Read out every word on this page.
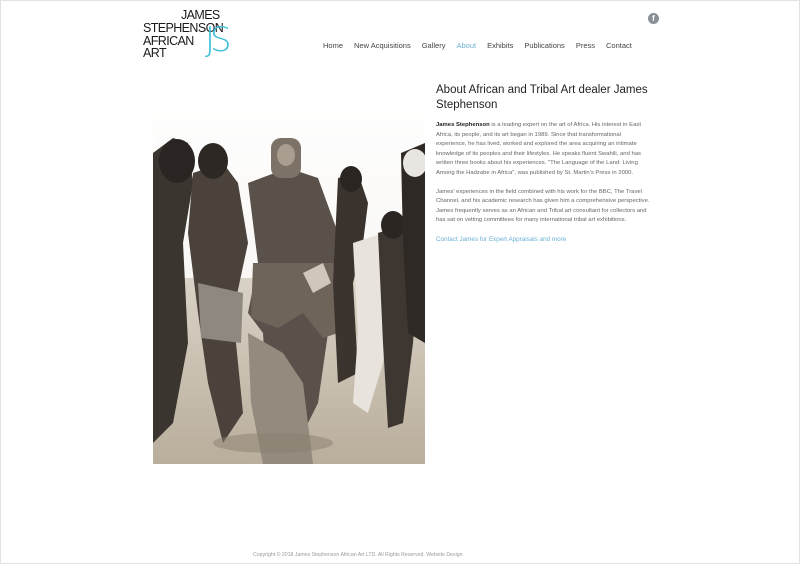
JAMES
STEPHENSON
AFRICAN ART	JS
f
Home New Acquisitions Gallery About Exhibits Publications Press Contact
About African and Tribal Art dealer James Stephenson

James Stephenson is a leading expert on the art of Africa. His interest in East Africa, its people, and its art began in 1989. Since that transformational experience, he has lived, worked and explored the area acquiring an intimate knowledge of its peoples and their lifestyles. He speaks fluent Swahili, and has written three books about his experiences. "The Language of the Land: Living Among the Hadzabe in Africa", was published by St. Martin's Press in 2000.

James' experiences in the field combined with his work for the BBC, The Travel Channel, and his academic research has given him a comprehensive perspective. James frequently serves as an African and Tribal art consultant for collectors and has sat on vetting committees for many international tribal art exhibitions.

Contact James for Expert Appraisals and more
Copyright © 2018 James Stephenson African Art LTD. All Rights Reserved. Website Design
